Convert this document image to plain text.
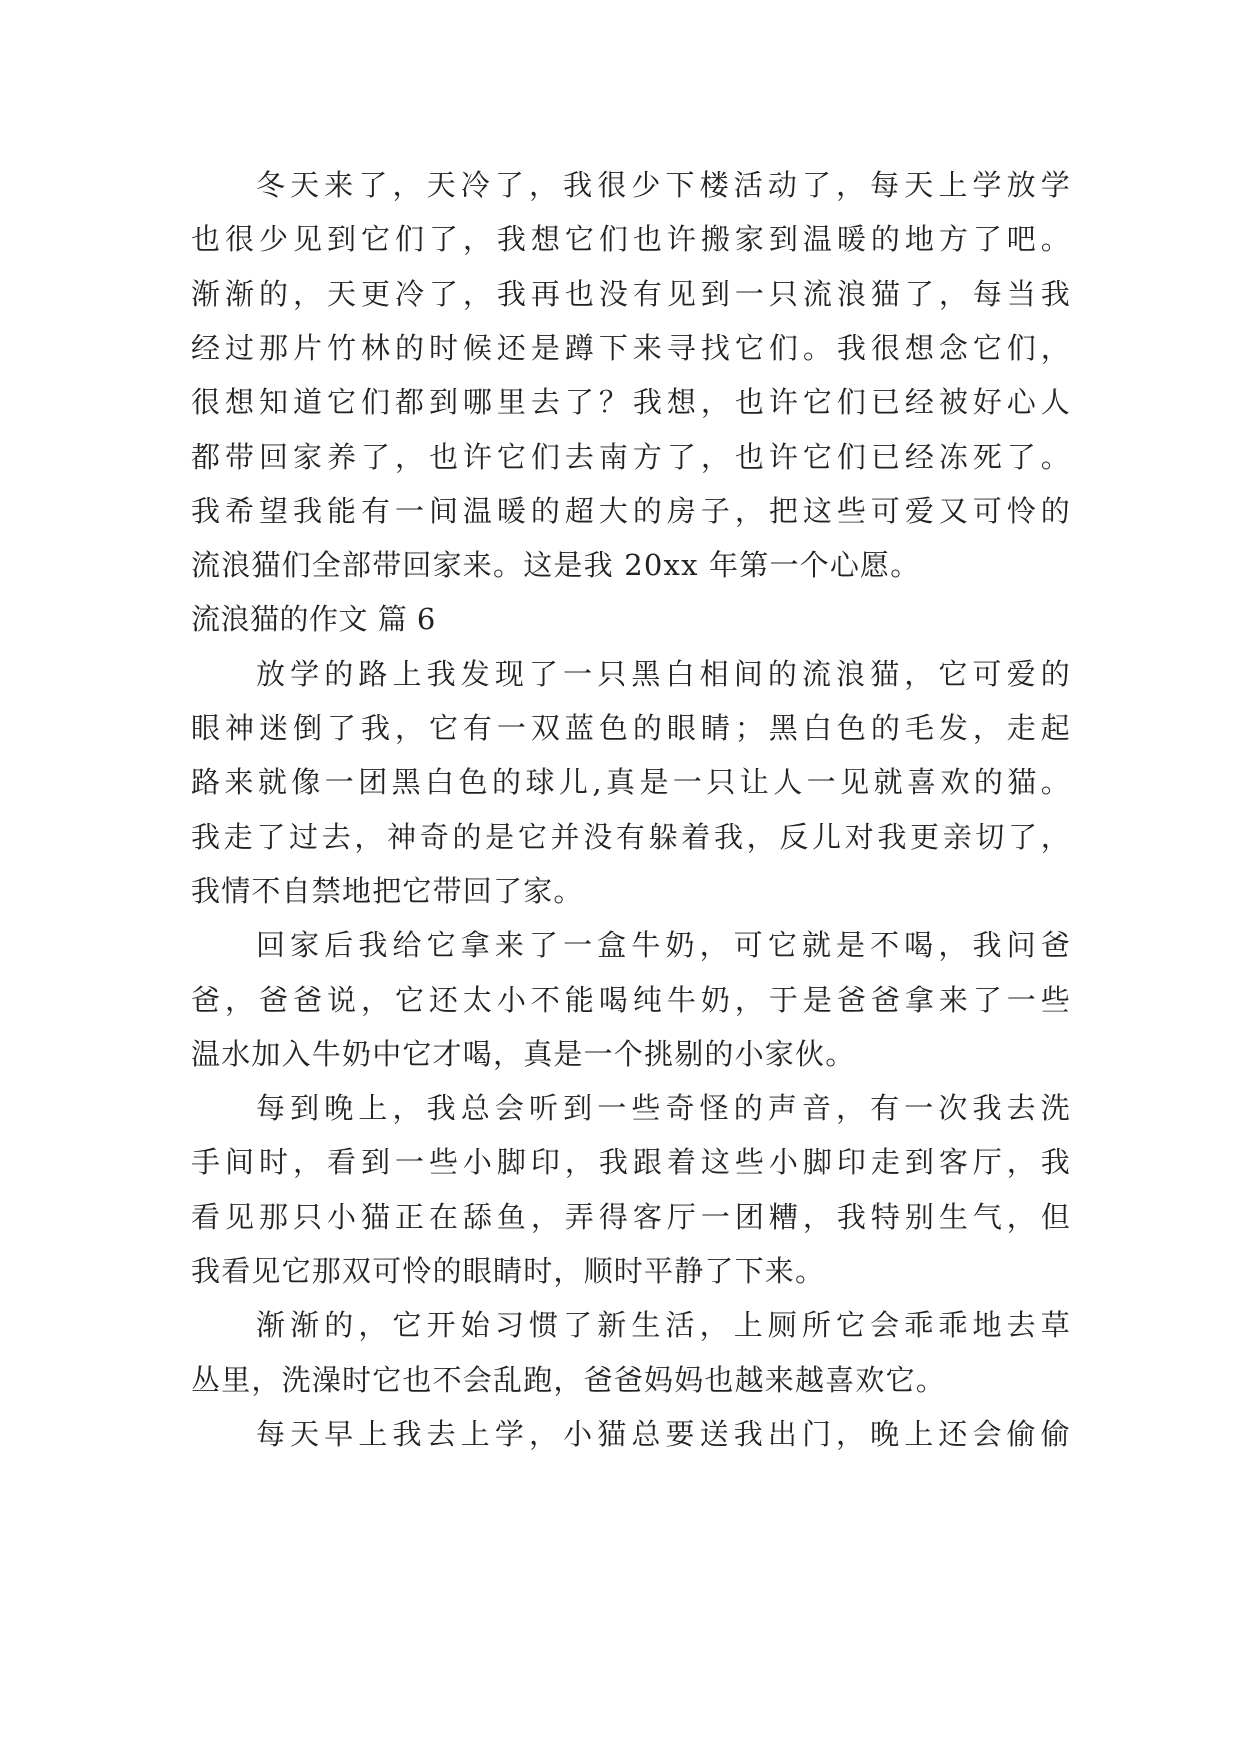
冬天来了，天冷了，我很少下楼活动了，每天上学放学

也很少见到它们了，我想它们也许搬家到温暖的地方了吧。

渐渐的，天更冷了，我再也没有见到一只流浪猫了，每当我

经过那片竹林的时候还是蹲下来寻找它们。我很想念它们，

很想知道它们都到哪里去了？我想，也许它们已经被好心人

都带回家养了，也许它们去南方了，也许它们已经冻死了。

我希望我能有一间温暖的超大的房子，把这些可爱又可怜的

流浪猫们全部带回家来。这是我 20xx 年第一个心愿。

流浪猫的作文 篇 6

放学的路上我发现了一只黑白相间的流浪猫，它可爱的

眼神迷倒了我，它有一双蓝色的眼睛；黑白色的毛发，走起

路来就像一团黑白色的球儿,真是一只让人一见就喜欢的猫。

我走了过去，神奇的是它并没有躲着我，反儿对我更亲切了，

我情不自禁地把它带回了家。

回家后我给它拿来了一盒牛奶，可它就是不喝，我问爸

爸，爸爸说，它还太小不能喝纯牛奶，于是爸爸拿来了一些

温水加入牛奶中它才喝，真是一个挑剔的小家伙。

每到晚上，我总会听到一些奇怪的声音，有一次我去洗

手间时，看到一些小脚印，我跟着这些小脚印走到客厅，我

看见那只小猫正在舔鱼，弄得客厅一团糟，我特别生气，但

我看见它那双可怜的眼睛时，顺时平静了下来。

渐渐的，它开始习惯了新生活，上厕所它会乖乖地去草

丛里，洗澡时它也不会乱跑，爸爸妈妈也越来越喜欢它。

每天早上我去上学，小猫总要送我出门，晚上还会偷偷
